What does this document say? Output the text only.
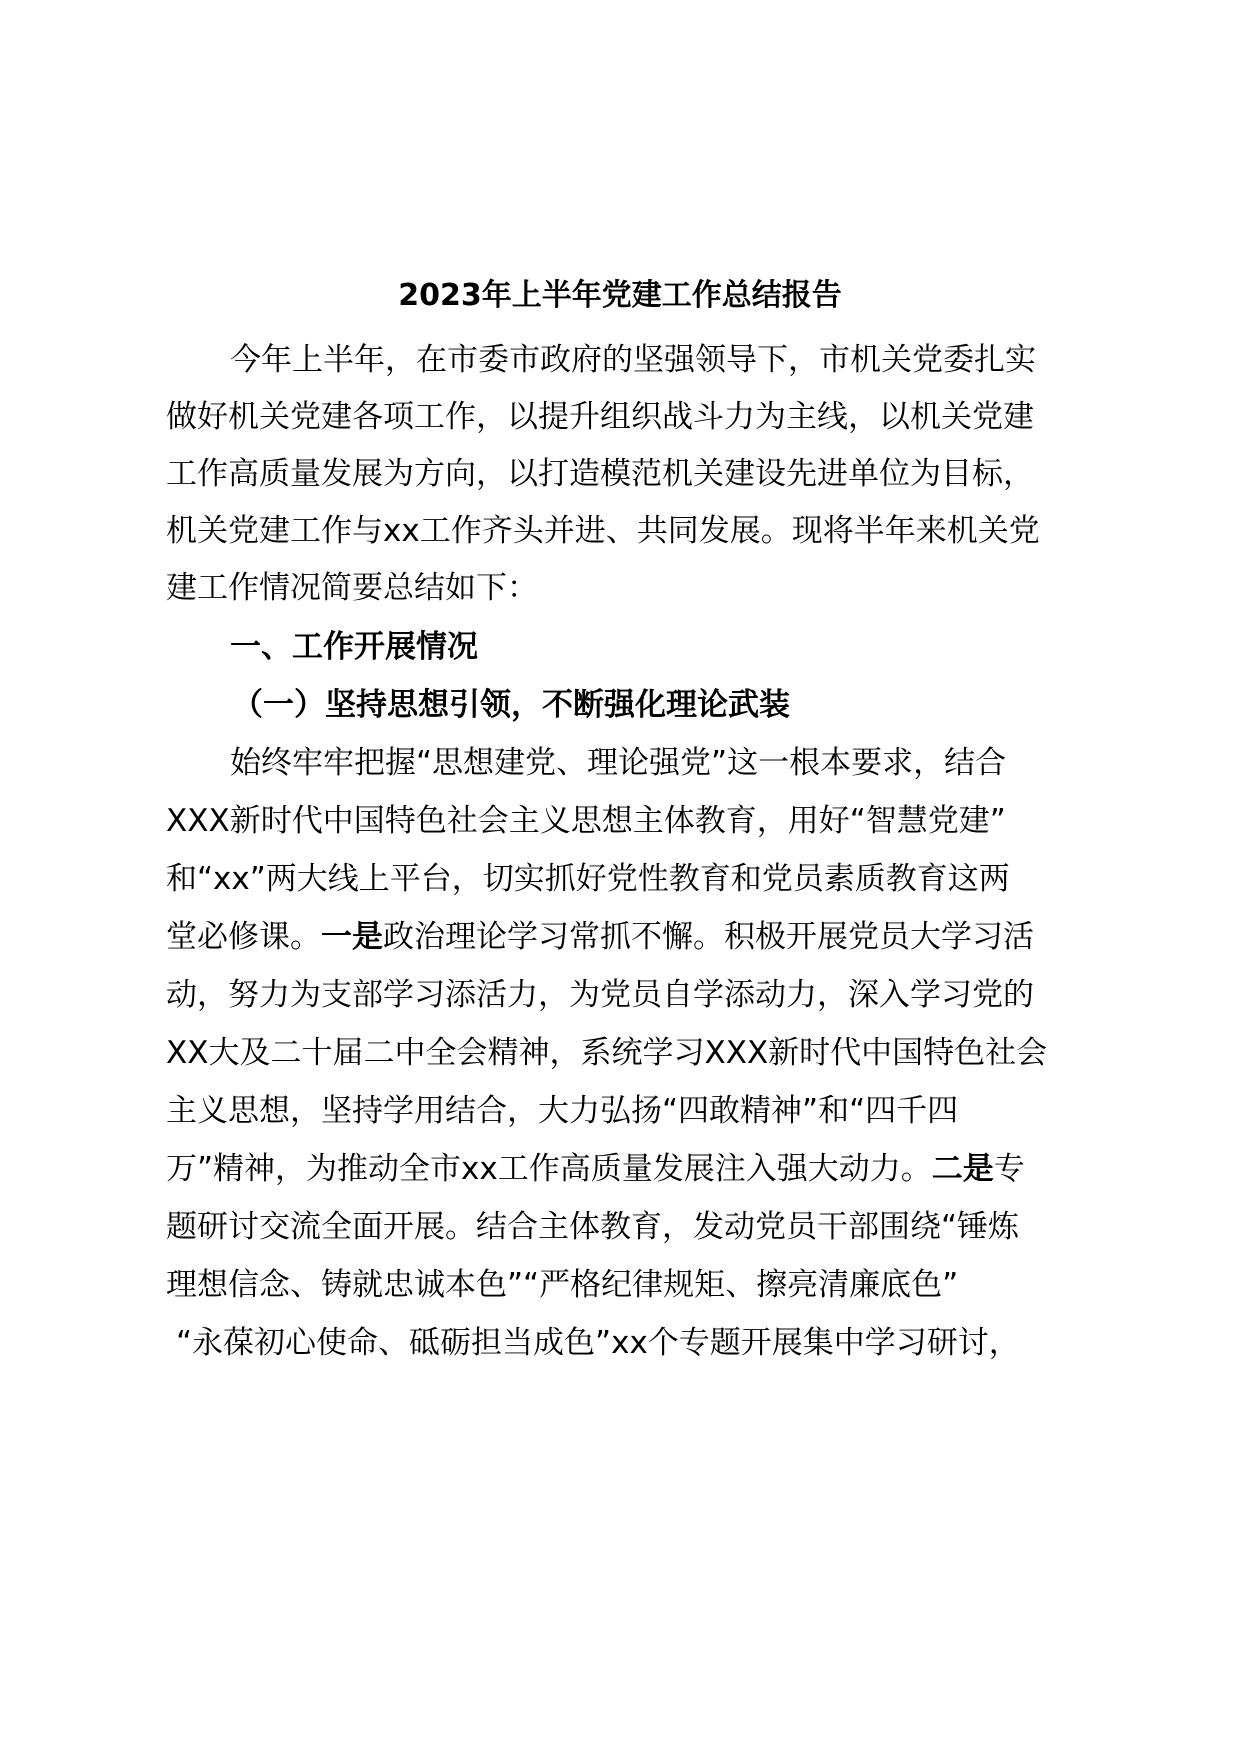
2023年上半年党建工作总结报告

今年上半年，在市委市政府的坚强领导下，市机关党委扎实

做好机关党建各项工作，以提升组织战斗力为主线，以机关党建

工作高质量发展为方向，以打造模范机关建设先进单位为目标，

机关党建工作与xx工作齐头并进、共同发展。现将半年来机关党

建工作情况简要总结如下：

一、工作开展情况

（一）坚持思想引领，不断强化理论武装

始终牢牢把握“思想建党、理论强党”这一根本要求，结合

XXX新时代中国特色社会主义思想主体教育，用好“智慧党建”

和“xx”两大线上平台，切实抓好党性教育和党员素质教育这两

堂必修课。一是政治理论学习常抓不懈。积极开展党员大学习活

动，努力为支部学习添活力，为党员自学添动力，深入学习党的

XX大及二十届二中全会精神，系统学习XXX新时代中国特色社会

主义思想，坚持学用结合，大力弘扬“四敢精神”和“四千四

万”精神，为推动全市xx工作高质量发展注入强大动力。二是专

题研讨交流全面开展。结合主体教育，发动党员干部围绕“锤炼

理想信念、铸就忠诚本色”“严格纪律规矩、擦亮清廉底色”

“永葆初心使命、砥砺担当成色”xx个专题开展集中学习研讨，
